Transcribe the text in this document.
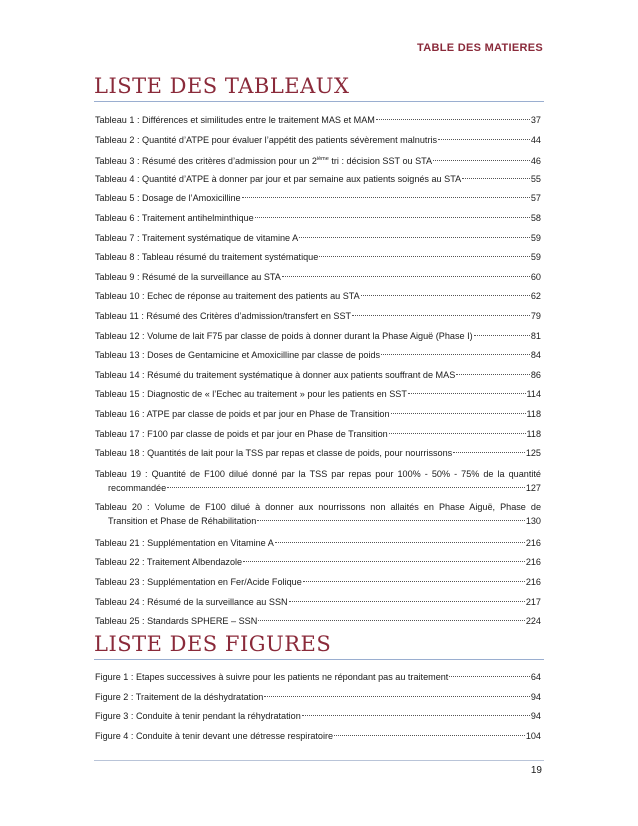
TABLE DES MATIERES
LISTE DES TABLEAUX
Tableau 1 : Différences et similitudes entre le traitement MAS et MAM	37
Tableau 2 : Quantité d’ATPE pour évaluer l’appétit des patients sévèrement malnutris	44
Tableau 3 : Résumé des critères d’admission pour un 2ième tri : décision SST ou STA	46
Tableau 4 : Quantité d’ATPE à donner par jour et par semaine aux patients soignés au STA	55
Tableau 5 : Dosage de l’Amoxicilline	57
Tableau 6 : Traitement antihelminthique	58
Tableau 7 : Traitement systématique de vitamine A	59
Tableau 8 : Tableau résumé du traitement systématique	59
Tableau 9 : Résumé de la surveillance au STA	60
Tableau 10 : Echec de réponse au traitement des patients au STA	62
Tableau 11 : Résumé des Critères d’admission/transfert en SST	79
Tableau 12 : Volume de lait F75 par classe de poids à donner durant la Phase Aiguë (Phase I)	81
Tableau 13 : Doses de Gentamicine et Amoxicilline par classe de poids	84
Tableau 14 : Résumé du traitement systématique à donner aux patients souffrant de MAS	86
Tableau 15 : Diagnostic de « l’Echec au traitement » pour les patients en SST	114
Tableau 16 : ATPE par classe de poids et par jour en Phase de Transition	118
Tableau 17 : F100 par classe de poids et par jour en Phase de Transition	118
Tableau 18 : Quantités de lait pour la TSS par repas et classe de poids, pour nourrissons	125
Tableau 19 : Quantité de F100 dilué donné par la TSS par repas pour 100% - 50% - 75% de la quantité
recommandée	127
Tableau 20 : Volume de F100 dilué à donner aux nourrissons non allaités en Phase Aiguë, Phase de
Transition et Phase de Réhabilitation	130
Tableau 21 : Supplémentation en Vitamine A	216
Tableau 22 : Traitement Albendazole	216
Tableau 23 : Supplémentation en Fer/Acide Folique	216
Tableau 24 : Résumé de la surveillance au SSN	217
Tableau 25 : Standards SPHERE – SSN	224
LISTE DES FIGURES
Figure 1 : Etapes successives à suivre pour les patients ne répondant pas au traitement	64
Figure 2 : Traitement de la déshydratation	94
Figure 3 : Conduite à tenir pendant la réhydratation	94
Figure 4 : Conduite à tenir devant une détresse respiratoire	104
19
